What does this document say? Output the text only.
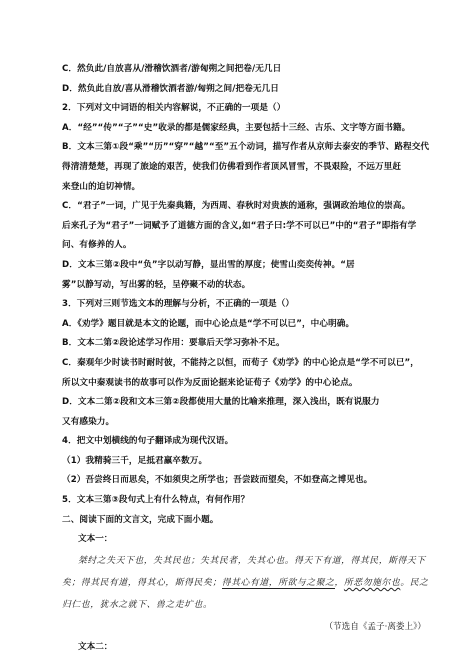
C．然负此/自放喜从/滑稽饮酒者/游匈朔之间把卷/无几日
D．然负此自放/喜从滑稽饮酒者游/匈朔之间/把卷无几日
2．下列对文中词语的相关内容解说，不正确的一项是（）
A．“经”“传”“子”“史”收录的都是儒家经典，主要包括十三经、古乐、文字等方面书籍。
B．文本三第①段“乘”“历”“穿”“越”“至”五个动词，描写作者从京师去泰安的季节、路程交代
得清清楚楚，再现了旅途的艰苦，使我们仿佛看到作者顶风冒雪，不畏艰险，不远万里赶
来登山的迫切神情。
C．“君子”一词，广见于先秦典籍，为西周、春秋时对贵族的通称，强调政治地位的崇高。
后来孔子为“君子”一词赋予了道德方面的含义,如“君子曰:学不可以已”中的“君子”即指有学
问、有修养的人。
D．文本三第②段中“负”字以动写静，显出雪的厚度；使雪山奕奕传神。“居
雾”以静写动，写出雾的轻，呈停聚不动的状态。
3．下列对三则节选文本的理解与分析，不正确的一项是（）
A．《劝学》题目就是本文的论题，而中心论点是“学不可以已”，中心明确。
B．文本二第②段论述学习作用：要靠后天学习弥补不足。
C．秦观年少时读书时耐时彼，不能持之以恒，而荀子《劝学》的中心论点是“学不可以已”，
所以文中秦观读书的故事可以作为反面论据来论证荀子《劝学》的中心论点。
D．文本二第②段和文本三第②段都使用大量的比喻来推理，深入浅出，既有说服力
又有感染力。
4．把文中划横线的句子翻译成为现代汉语。
（1）我精骑三千，足抵君羸卒数万。
（2）吾尝终日而思矣，不如须臾之所学也；吾尝跂而望矣，不如登高之博见也。
5．文本三第③段句式上有什么特点，有何作用？
二、阅读下面的文言文，完成下面小题。
文本一：
桀纣之失天下也，失其民也；失其民者，失其心也。得天下有道，得其民，斯得天下
矣；得其民有道，得其心，斯得民矣；得其心有道，所欲与之聚之，所恶勿施尔也。民之
归仁也，犹水之就下、兽之走圹也。
（节选自《孟子·离娄上》）
文本二：
